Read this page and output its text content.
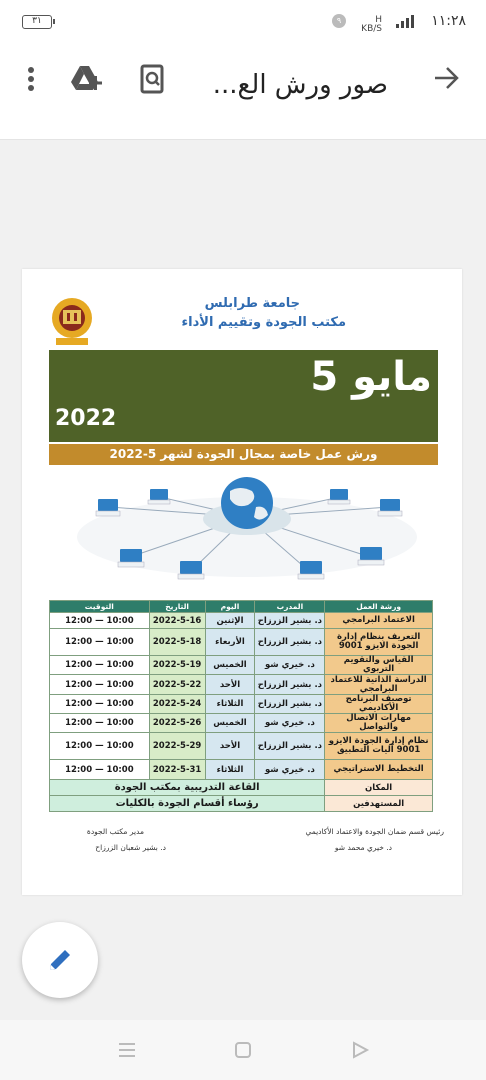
٣١	٩	H
KB/S	١١:٢٨
صور ورش الع...
جامعة طرابلس
مكتب الجودة وتقييم الأداء
مايو 5
2022
ورش عمل خاصة بمجال الجودة لشهر 5-2022
ورشة العمل	المدرب	اليوم	التاريخ	التوقيت
الاعتماد البرامجي	د. بشير الزرزاح	الإثنين	2022-5-16	10:00 — 12:00
التعريف بنظام إدارة الجودة الايزو 9001	د. بشير الزرزاح	الأربعاء	2022-5-18	10:00 — 12:00
القياس والتقويم التربوي	د. خيري شو	الخميس	2022-5-19	10:00 — 12:00
الدراسة الذاتية للاعتماد البرامجي	د. بشير الزرزاح	الأحد	2022-5-22	10:00 — 12:00
توصيف البرنامج الأكاديمي	د. بشير الزرزاح	الثلاثاء	2022-5-24	10:00 — 12:00
مهارات الاتصال والتواصل	د. خيري شو	الخميس	2022-5-26	10:00 — 12:00
نظام إدارة الجودة الايزو 9001 آليات التطبيق	د. بشير الزرزاح	الأحد	2022-5-29	10:00 — 12:00
التخطيط الاستراتيجي	د. خيري شو	الثلاثاء	2022-5-31	10:00 — 12:00
المكان	القاعة التدريبية بمكتب الجودة			
المستهدفين	رؤساء أقسام الجودة بالكليات			
رئيس قسم ضمان الجودة والاعتماد الأكاديمي
د. خيري محمد شو
مدير مكتب الجودة
د. بشير شعبان الزرزاح
